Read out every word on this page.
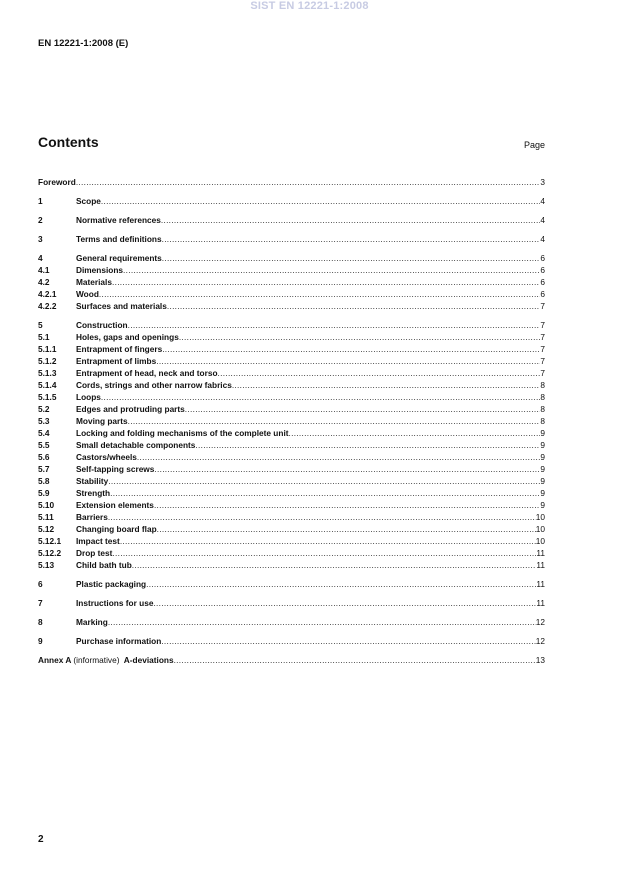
SIST EN 12221-1:2008
EN 12221-1:2008 (E)
Contents	Page
Foreword .....	3
1	Scope .....	4
2	Normative references .....	4
3	Terms and definitions .....	4
4	General requirements .....	6
4.1	Dimensions .....	6
4.2	Materials .....	6
4.2.1	Wood .....	6
4.2.2	Surfaces and materials .....	7
5	Construction .....	7
5.1	Holes, gaps and openings .....	7
5.1.1	Entrapment of fingers .....	7
5.1.2	Entrapment of limbs .....	7
5.1.3	Entrapment of head, neck and torso .....	7
5.1.4	Cords, strings and other narrow fabrics .....	8
5.1.5	Loops .....	8
5.2	Edges and protruding parts .....	8
5.3	Moving parts .....	8
5.4	Locking and folding mechanisms of the complete unit .....	9
5.5	Small detachable components .....	9
5.6	Castors/wheels .....	9
5.7	Self-tapping screws .....	9
5.8	Stability .....	9
5.9	Strength .....	9
5.10	Extension elements .....	9
5.11	Barriers .....	10
5.12	Changing board flap .....	10
5.12.1	Impact test .....	10
5.12.2	Drop test .....	11
5.13	Child bath tub .....	11
6	Plastic packaging .....	11
7	Instructions for use .....	11
8	Marking .....	12
9	Purchase information .....	12
Annex A (informative) A-deviations .....	13
2
